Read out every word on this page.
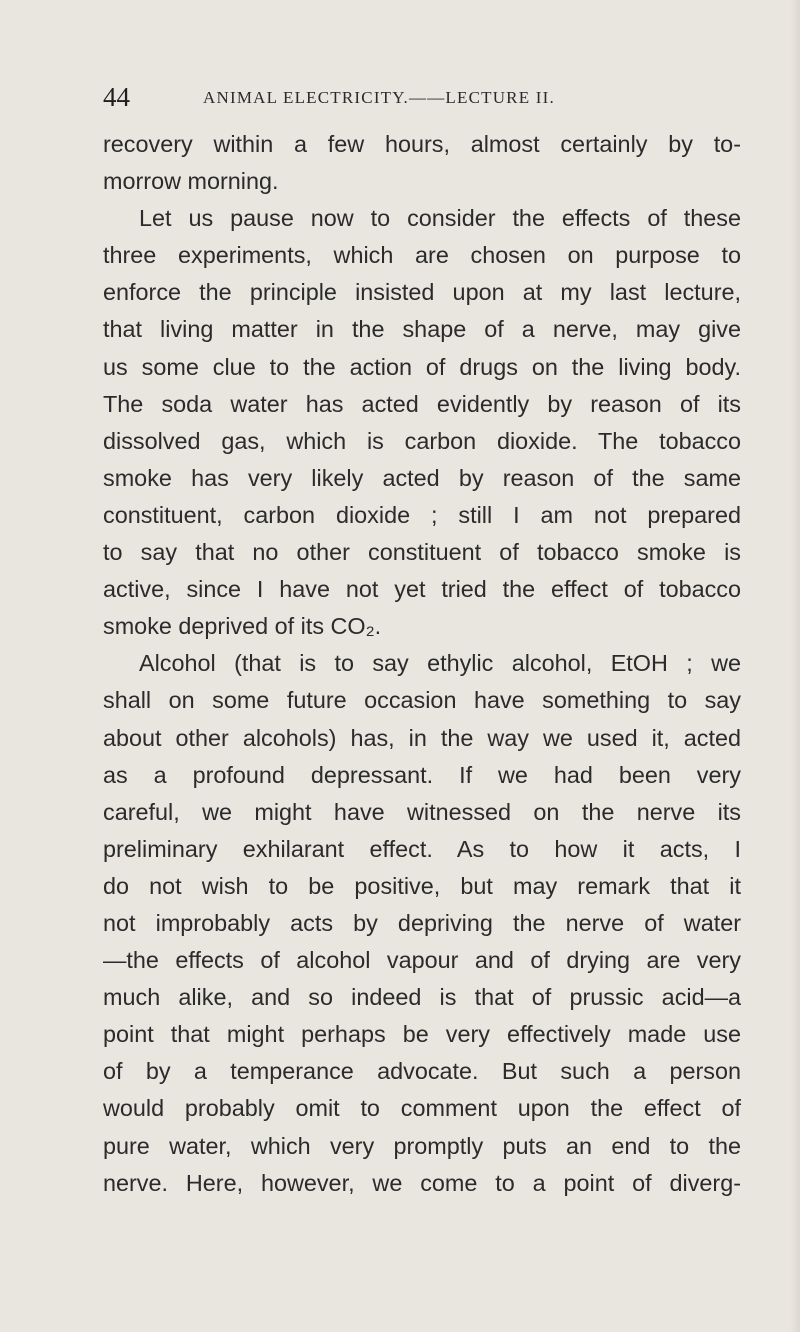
44	ANIMAL ELECTRICITY.——LECTURE II.
recovery within a few hours, almost certainly by to-
morrow morning.
Let us pause now to consider the effects of these
three experiments, which are chosen on purpose to
enforce the principle insisted upon at my last lecture,
that living matter in the shape of a nerve, may give
us some clue to the action of drugs on the living body.
The soda water has acted evidently by reason of its
dissolved gas, which is carbon dioxide. The tobacco
smoke has very likely acted by reason of the same
constituent, carbon dioxide ; still I am not prepared
to say that no other constituent of tobacco smoke is
active, since I have not yet tried the effect of tobacco
smoke deprived of its CO₂.
Alcohol (that is to say ethylic alcohol, EtOH ; we
shall on some future occasion have something to say
about other alcohols) has, in the way we used it, acted
as a profound depressant. If we had been very
careful, we might have witnessed on the nerve its
preliminary exhilarant effect. As to how it acts, I
do not wish to be positive, but may remark that it
not improbably acts by depriving the nerve of water
—the effects of alcohol vapour and of drying are very
much alike, and so indeed is that of prussic acid—a
point that might perhaps be very effectively made use
of by a temperance advocate. But such a person
would probably omit to comment upon the effect of
pure water, which very promptly puts an end to the
nerve. Here, however, we come to a point of diverg-
